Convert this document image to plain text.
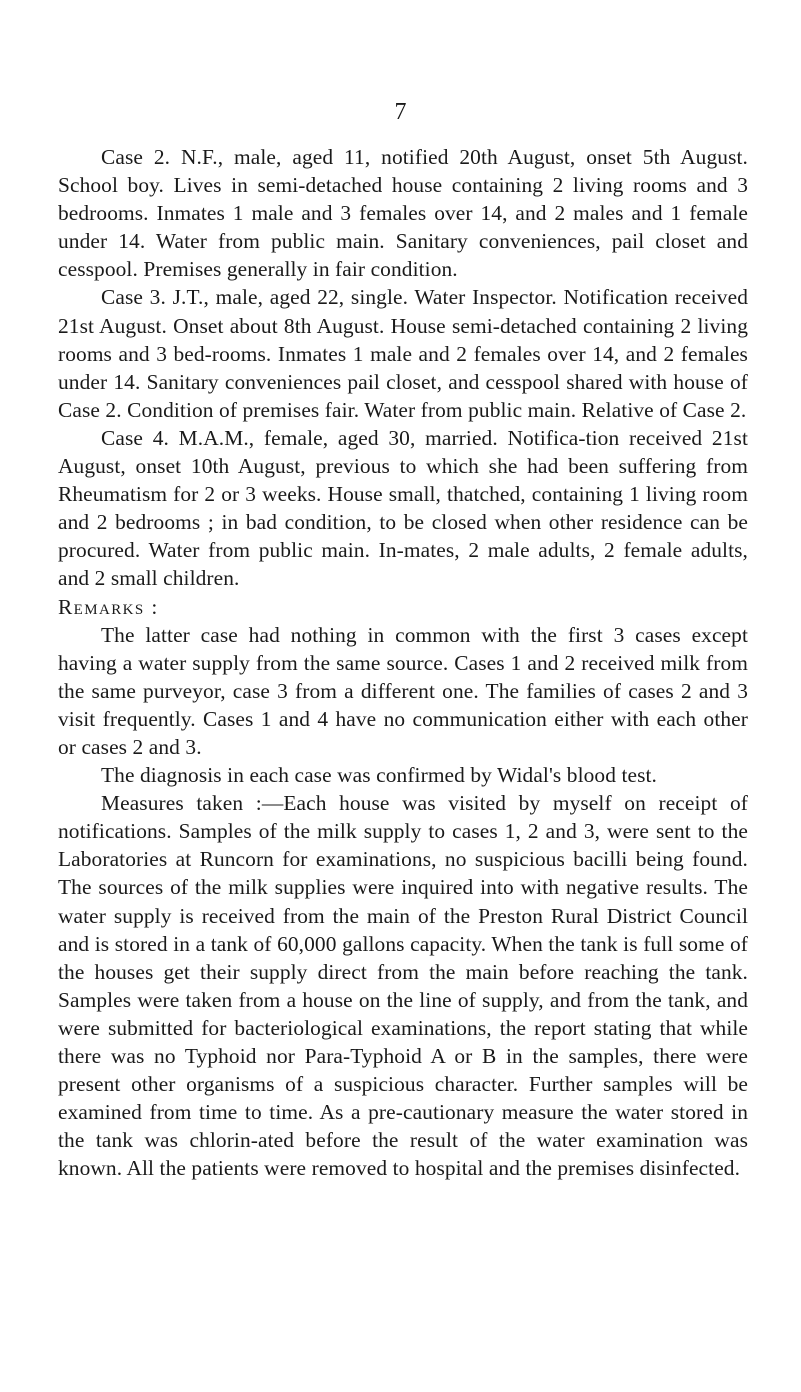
7

Case 2. N.F., male, aged 11, notified 20th August, onset 5th August. School boy. Lives in semi-detached house containing 2 living rooms and 3 bedrooms. Inmates 1 male and 3 females over 14, and 2 males and 1 female under 14. Water from public main. Sanitary conveniences, pail closet and cesspool. Premises generally in fair condition.

Case 3. J.T., male, aged 22, single. Water Inspector. Notification received 21st August. Onset about 8th August. House semi-detached containing 2 living rooms and 3 bed-rooms. Inmates 1 male and 2 females over 14, and 2 females under 14. Sanitary conveniences pail closet, and cesspool shared with house of Case 2. Condition of premises fair. Water from public main. Relative of Case 2.

Case 4. M.A.M., female, aged 30, married. Notifica-tion received 21st August, onset 10th August, previous to which she had been suffering from Rheumatism for 2 or 3 weeks. House small, thatched, containing 1 living room and 2 bedrooms ; in bad condition, to be closed when other residence can be procured. Water from public main. In-mates, 2 male adults, 2 female adults, and 2 small children.

Remarks :

The latter case had nothing in common with the first 3 cases except having a water supply from the same source. Cases 1 and 2 received milk from the same purveyor, case 3 from a different one. The families of cases 2 and 3 visit frequently. Cases 1 and 4 have no communication either with each other or cases 2 and 3.

The diagnosis in each case was confirmed by Widal's blood test.

Measures taken :—Each house was visited by myself on receipt of notifications. Samples of the milk supply to cases 1, 2 and 3, were sent to the Laboratories at Runcorn for examinations, no suspicious bacilli being found. The sources of the milk supplies were inquired into with negative results. The water supply is received from the main of the Preston Rural District Council and is stored in a tank of 60,000 gallons capacity. When the tank is full some of the houses get their supply direct from the main before reaching the tank. Samples were taken from a house on the line of supply, and from the tank, and were submitted for bacteriological examinations, the report stating that while there was no Typhoid nor Para-Typhoid A or B in the samples, there were present other organisms of a suspicious character. Further samples will be examined from time to time. As a pre-cautionary measure the water stored in the tank was chlorin-ated before the result of the water examination was known. All the patients were removed to hospital and the premises disinfected.
